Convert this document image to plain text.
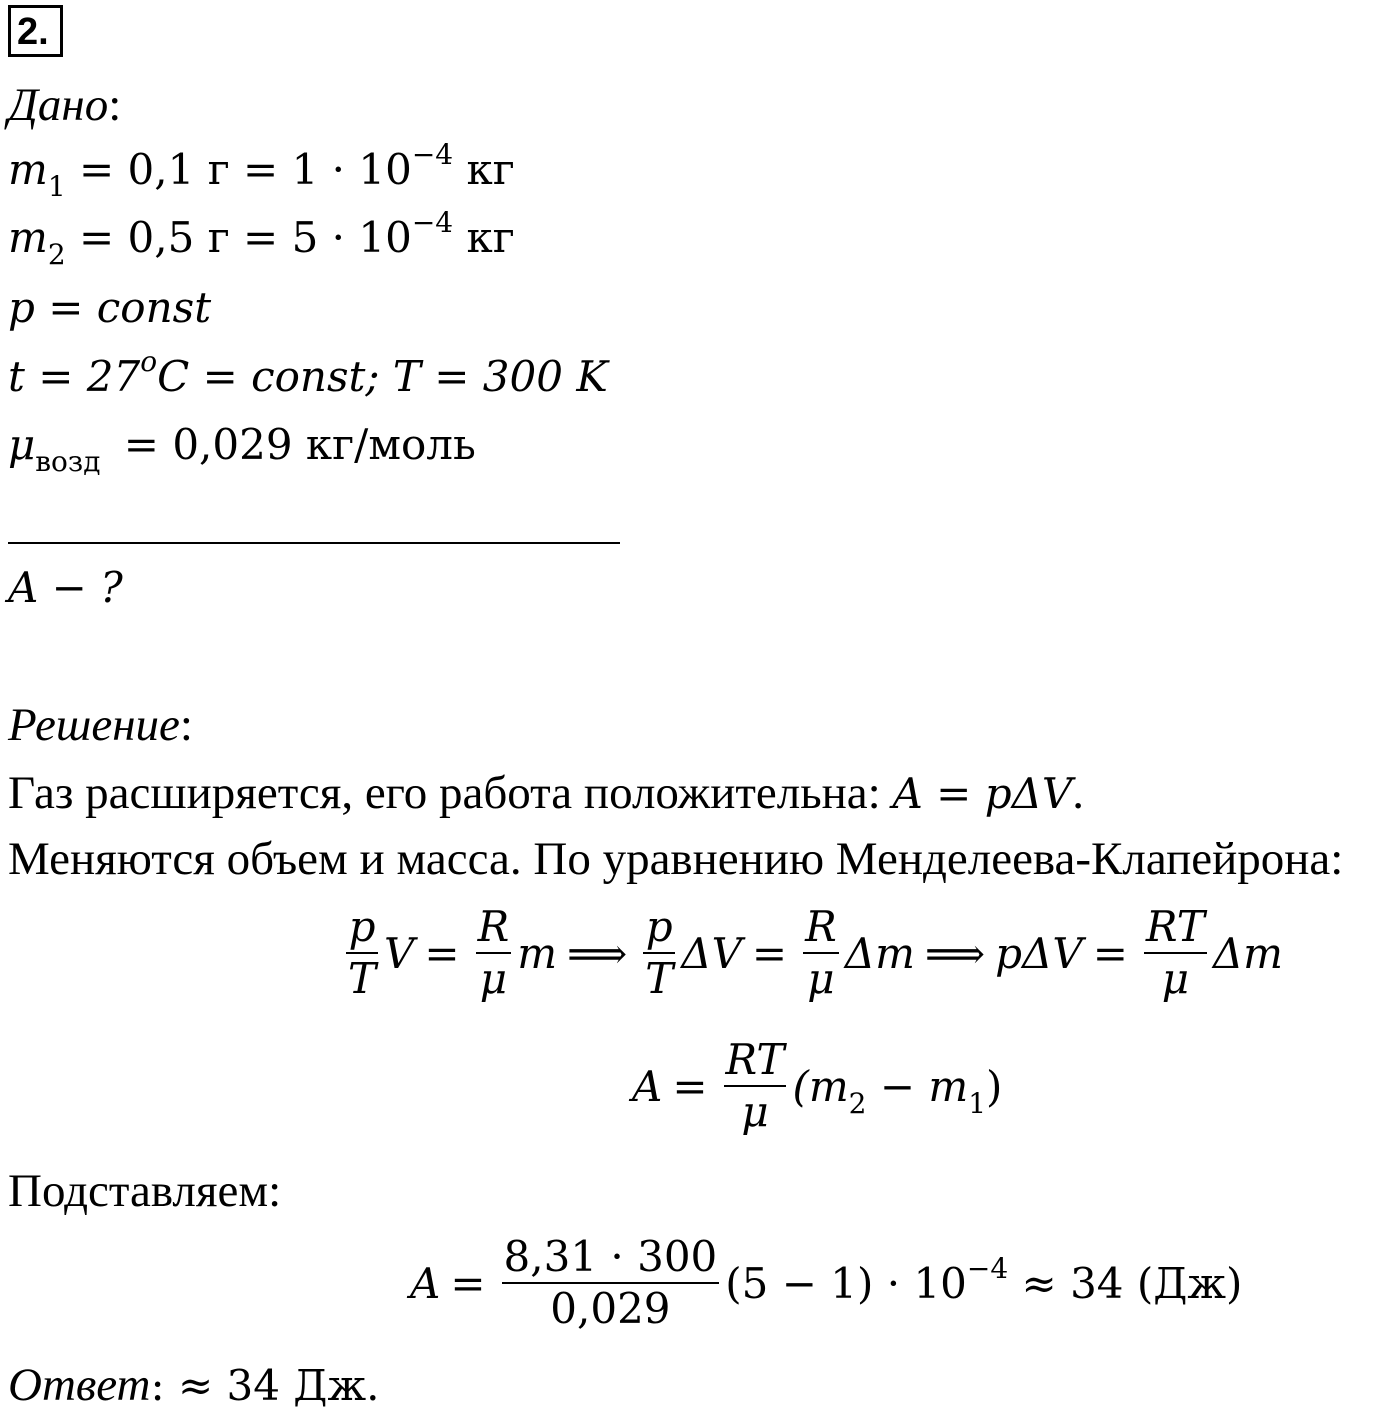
2.
Дано:
$m_1 = 0,1$ $г = 1 \cdot 10^{-4}$ кг
$m_2 = 0,5$ $г = 5 \cdot 10^{-4}$ кг
p = const
$t = 27^oC$ = const; T = 300 K
$\mu_{возд} = 0,029$ кг/моль
A − ?
Решение:
Газ расширяется, его работа положительна: A = pΔV.
Меняются объем и масса. По уравнению Менделеева-Клапейрона:
$\frac{p}{T}$ $V = \frac{R}{\mu}$ m ⟹ $\frac{p}{T}$ $\Delta V = \frac{R}{\mu}$ Δm ⟹ $p\Delta V = \frac{RT}{\mu}$ Δm
$A = \frac{RT}{\mu} (m_2 - m_1)$
Подставляем:
$A = \frac{8,31 \cdot 300}{0,029} (5 - 1) \cdot 10^{-4} \approx 34$ (Дж)
Ответ: ≈ 34 Дж.
